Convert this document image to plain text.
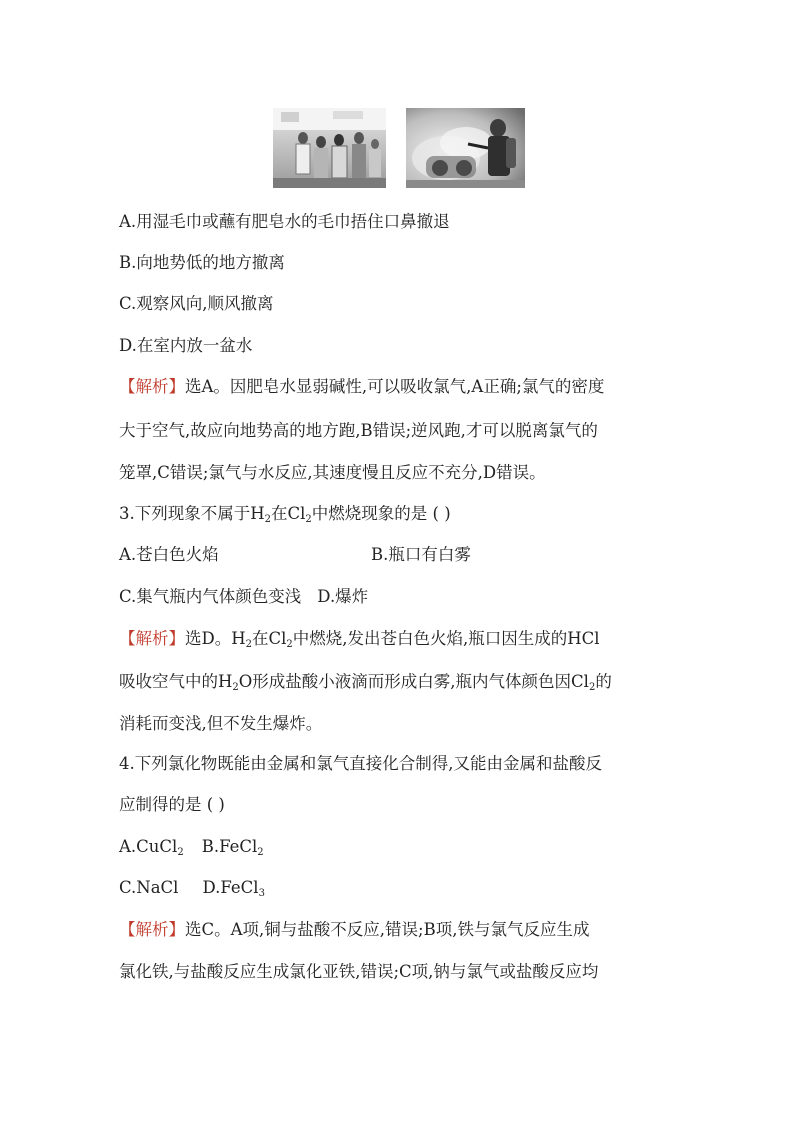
A.用湿毛巾或蘸有肥皂水的毛巾捂住口鼻撤退
B.向地势低的地方撤离
C.观察风向,顺风撤离
D.在室内放一盆水
【解析】选A。因肥皂水显弱碱性,可以吸收氯气,A正确;氯气的密度
大于空气,故应向地势高的地方跑,B错误;逆风跑,才可以脱离氯气的
笼罩,C错误;氯气与水反应,其速度慢且反应不充分,D错误。
3.下列现象不属于$H_2$在$Cl_2$中燃烧现象的是 ( )
A.苍白色火焰	B.瓶口有白雾
C.集气瓶内气体颜色变浅 D.爆炸
【解析】选D。$H_2$在$Cl_2$中燃烧,发出苍白色火焰,瓶口因生成的HCl
吸收空气中的$H_2O$形成盐酸小液滴而形成白雾,瓶内气体颜色因$Cl_2$的
消耗而变浅,但不发生爆炸。
4.下列氯化物既能由金属和氯气直接化合制得,又能由金属和盐酸反
应制得的是 ( )
A.CuCl$_2$ B.FeCl$_2$
C.NaCl D.FeCl$_3$
【解析】选C。A项,铜与盐酸不反应,错误;B项,铁与氯气反应生成
氯化铁,与盐酸反应生成氯化亚铁,错误;C项,钠与氯气或盐酸反应均
